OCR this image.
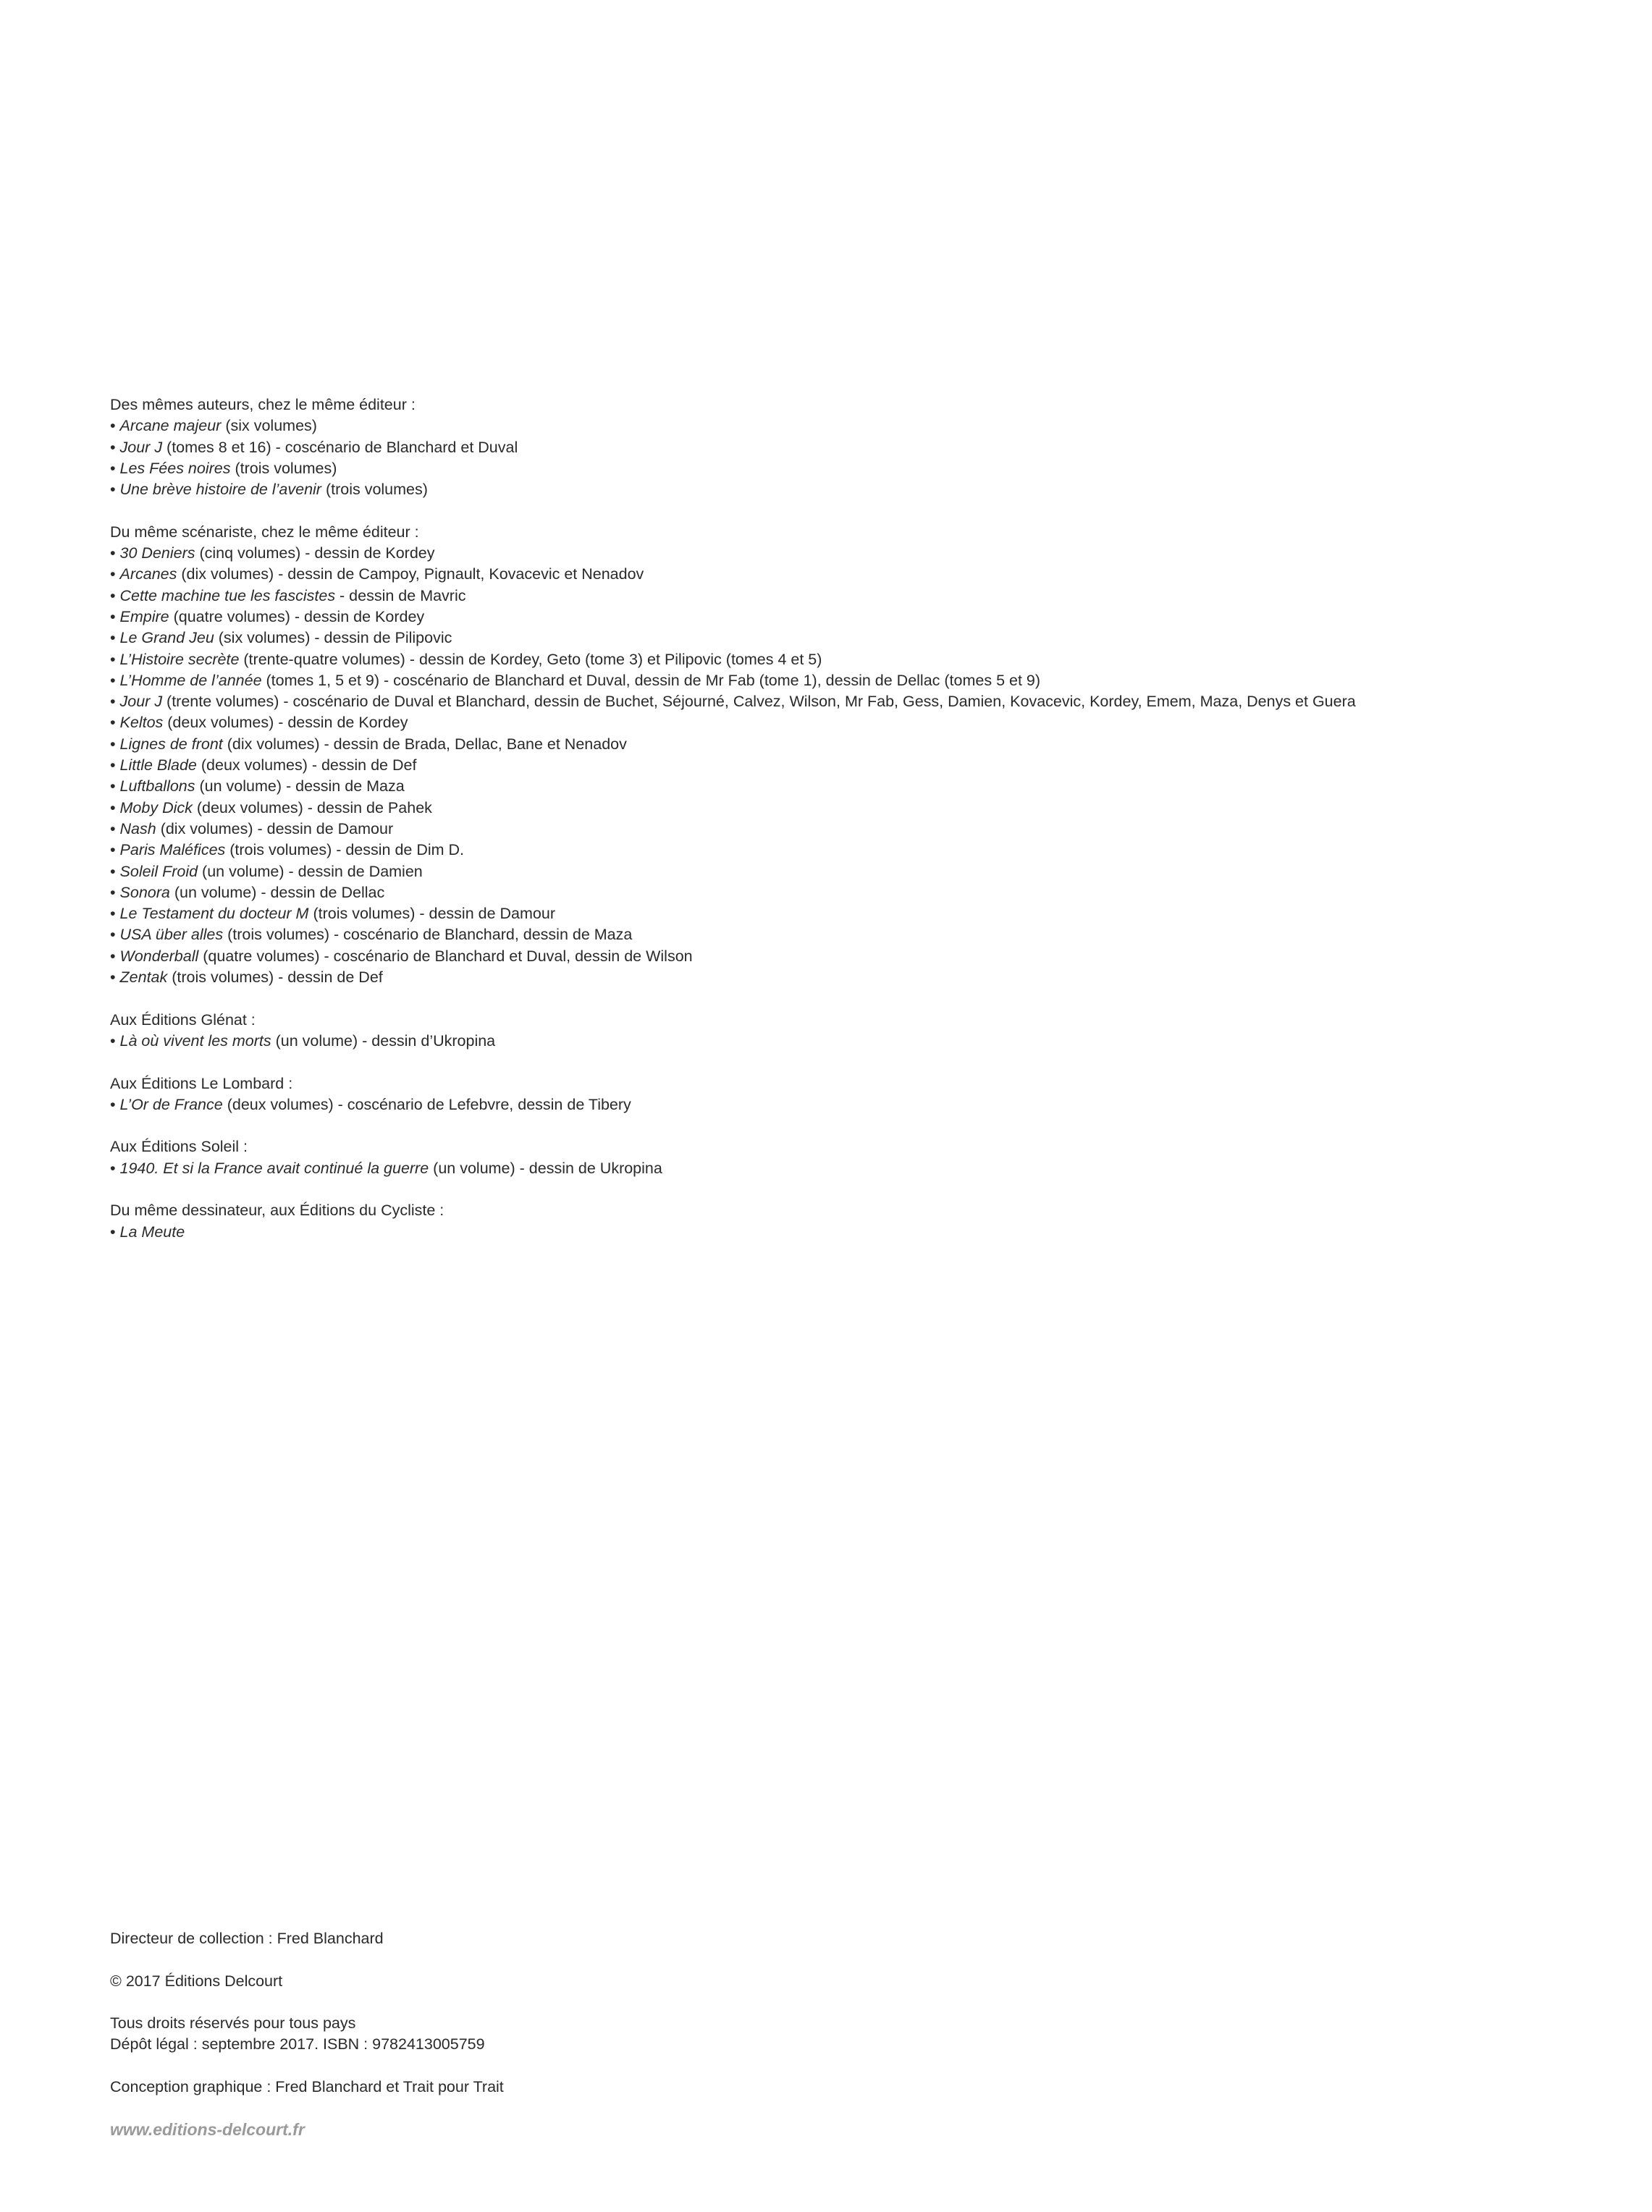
Des mêmes auteurs, chez le même éditeur :
• Arcane majeur (six volumes)
• Jour J (tomes 8 et 16) - coscénario de Blanchard et Duval
• Les Fées noires (trois volumes)
• Une brève histoire de l’avenir (trois volumes)
Du même scénariste, chez le même éditeur :
• 30 Deniers (cinq volumes) - dessin de Kordey
• Arcanes (dix volumes) - dessin de Campoy, Pignault, Kovacevic et Nenadov
• Cette machine tue les fascistes - dessin de Mavric
• Empire (quatre volumes) - dessin de Kordey
• Le Grand Jeu (six volumes) - dessin de Pilipovic
• L’Histoire secrète (trente-quatre volumes) - dessin de Kordey, Geto (tome 3) et Pilipovic (tomes 4 et 5)
• L’Homme de l’année (tomes 1, 5 et 9) - coscénario de Blanchard et Duval, dessin de Mr Fab (tome 1), dessin de Dellac (tomes 5 et 9)
• Jour J (trente volumes) - coscénario de Duval et Blanchard, dessin de Buchet, Séjourné, Calvez, Wilson, Mr Fab, Gess, Damien, Kovacevic, Kordey, Emem, Maza, Denys et Guera
• Keltos (deux volumes) - dessin de Kordey
• Lignes de front (dix volumes) - dessin de Brada, Dellac, Bane et Nenadov
• Little Blade (deux volumes) - dessin de Def
• Luftballons (un volume) - dessin de Maza
• Moby Dick (deux volumes) - dessin de Pahek
• Nash (dix volumes) - dessin de Damour
• Paris Maléfices (trois volumes) - dessin de Dim D.
• Soleil Froid (un volume) - dessin de Damien
• Sonora (un volume) - dessin de Dellac
• Le Testament du docteur M (trois volumes) - dessin de Damour
• USA über alles (trois volumes) - coscénario de Blanchard, dessin de Maza
• Wonderball (quatre volumes) - coscénario de Blanchard et Duval, dessin de Wilson
• Zentak (trois volumes) - dessin de Def
Aux Éditions Glénat :
• Là où vivent les morts (un volume) - dessin d’Ukropina
Aux Éditions Le Lombard :
• L’Or de France (deux volumes) - coscénario de Lefebvre, dessin de Tibery
Aux Éditions Soleil :
• 1940. Et si la France avait continué la guerre (un volume) - dessin de Ukropina
Du même dessinateur, aux Éditions du Cycliste :
• La Meute
Directeur de collection : Fred Blanchard
© 2017 Éditions Delcourt
Tous droits réservés pour tous pays
Dépôt légal : septembre 2017. ISBN : 9782413005759
Conception graphique : Fred Blanchard et Trait pour Trait
www.editions-delcourt.fr
